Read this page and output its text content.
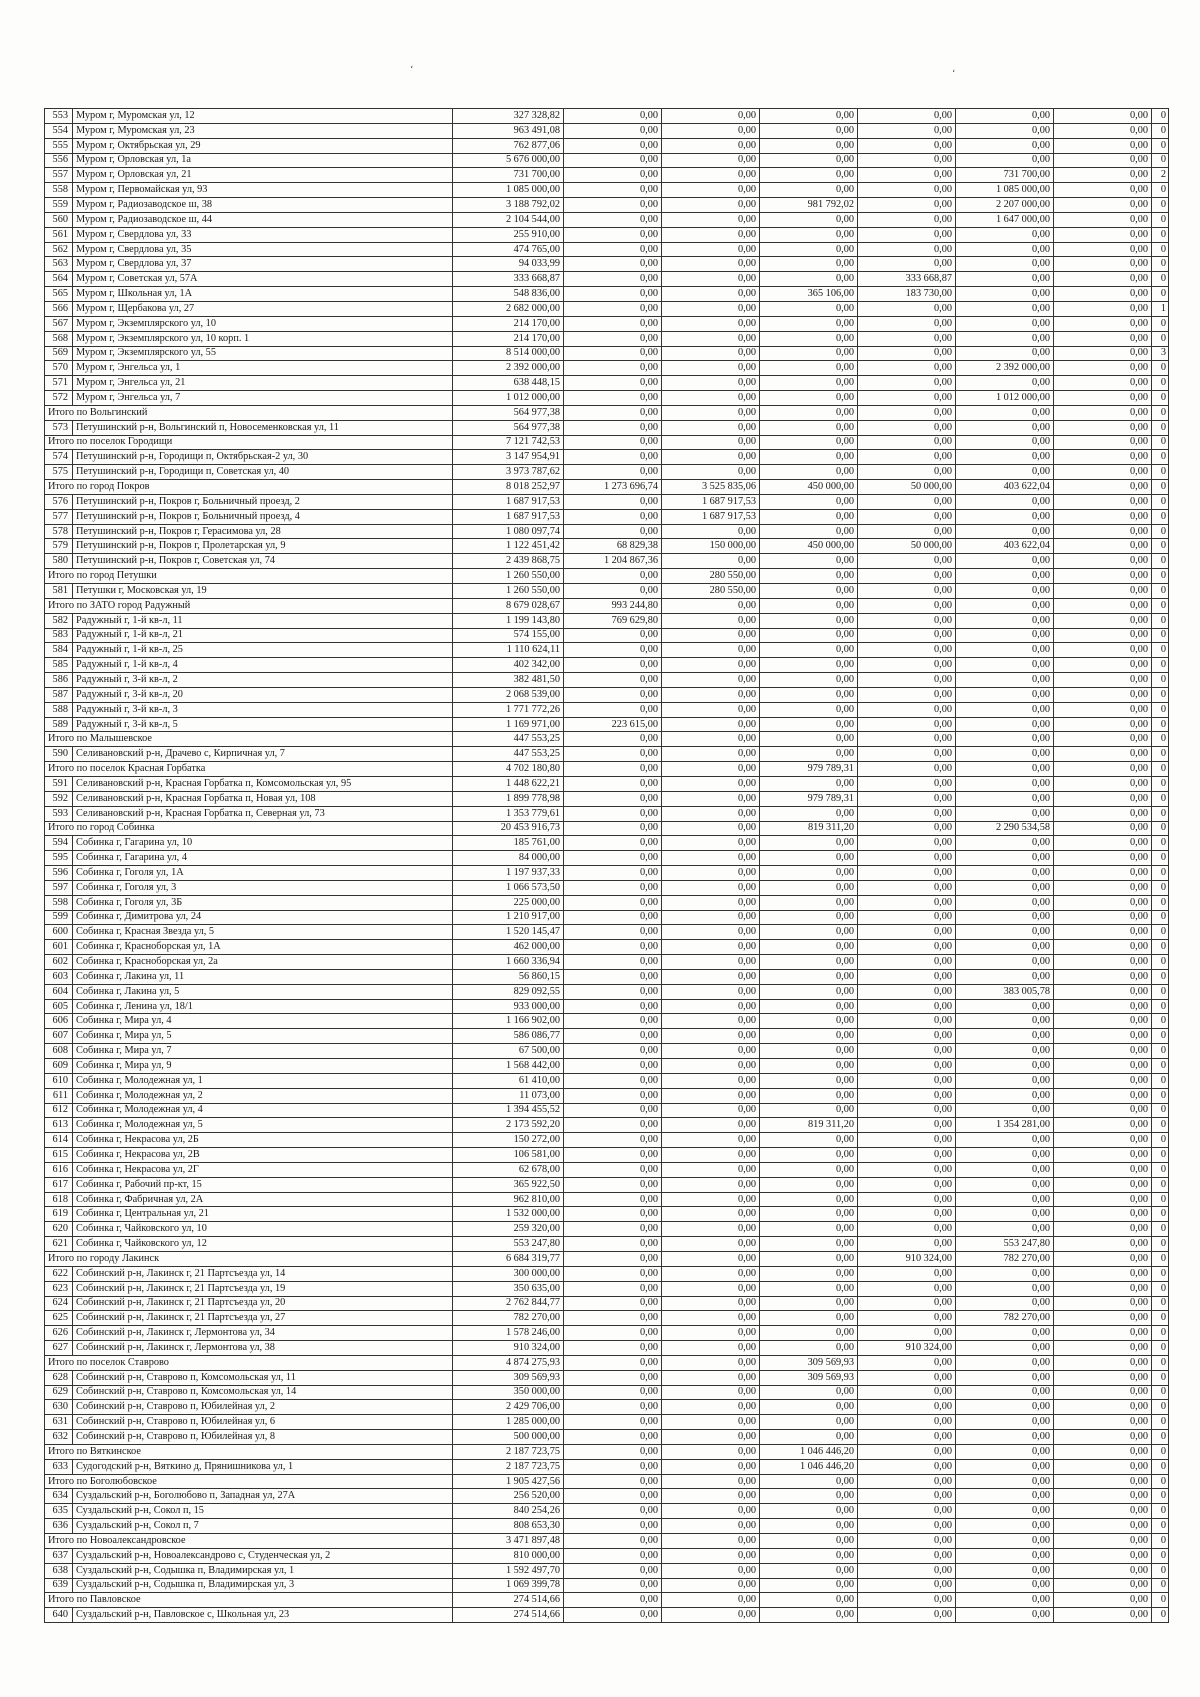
،	،
553	Муром г, Муромская ул, 12	327 328,82	0,00	0,00	0,00	0,00	0,00	0,00	0
554	Муром г, Муромская ул, 23	963 491,08	0,00	0,00	0,00	0,00	0,00	0,00	0
555	Муром г, Октябрьская ул, 29	762 877,06	0,00	0,00	0,00	0,00	0,00	0,00	0
556	Муром г, Орловская ул, 1а	5 676 000,00	0,00	0,00	0,00	0,00	0,00	0,00	0
557	Муром г, Орловская ул, 21	731 700,00	0,00	0,00	0,00	0,00	731 700,00	0,00	2
558	Муром г, Первомайская ул, 93	1 085 000,00	0,00	0,00	0,00	0,00	1 085 000,00	0,00	0
559	Муром г, Радиозаводское ш, 38	3 188 792,02	0,00	0,00	981 792,02	0,00	2 207 000,00	0,00	0
560	Муром г, Радиозаводское ш, 44	2 104 544,00	0,00	0,00	0,00	0,00	1 647 000,00	0,00	0
561	Муром г, Свердлова ул, 33	255 910,00	0,00	0,00	0,00	0,00	0,00	0,00	0
562	Муром г, Свердлова ул, 35	474 765,00	0,00	0,00	0,00	0,00	0,00	0,00	0
563	Муром г, Свердлова ул, 37	94 033,99	0,00	0,00	0,00	0,00	0,00	0,00	0
564	Муром г, Советская ул, 57А	333 668,87	0,00	0,00	0,00	333 668,87	0,00	0,00	0
565	Муром г, Школьная ул, 1А	548 836,00	0,00	0,00	365 106,00	183 730,00	0,00	0,00	0
566	Муром г, Щербакова ул, 27	2 682 000,00	0,00	0,00	0,00	0,00	0,00	0,00	1
567	Муром г, Экземплярского ул, 10	214 170,00	0,00	0,00	0,00	0,00	0,00	0,00	0
568	Муром г, Экземплярского ул, 10 корп. 1	214 170,00	0,00	0,00	0,00	0,00	0,00	0,00	0
569	Муром г, Экземплярского ул, 55	8 514 000,00	0,00	0,00	0,00	0,00	0,00	0,00	3
570	Муром г, Энгельса ул, 1	2 392 000,00	0,00	0,00	0,00	0,00	2 392 000,00	0,00	0
571	Муром г, Энгельса ул, 21	638 448,15	0,00	0,00	0,00	0,00	0,00	0,00	0
572	Муром г, Энгельса ул, 7	1 012 000,00	0,00	0,00	0,00	0,00	1 012 000,00	0,00	0
Итого по Вольгинский		564 977,38	0,00	0,00	0,00	0,00	0,00	0,00	0
573	Петушинский р-н, Вольгинский п, Новосеменковская ул, 11	564 977,38	0,00	0,00	0,00	0,00	0,00	0,00	0
Итого по поселок Городищи		7 121 742,53	0,00	0,00	0,00	0,00	0,00	0,00	0
574	Петушинский р-н, Городищи п, Октябрьская-2 ул, 30	3 147 954,91	0,00	0,00	0,00	0,00	0,00	0,00	0
575	Петушинский р-н, Городищи п, Советская ул, 40	3 973 787,62	0,00	0,00	0,00	0,00	0,00	0,00	0
Итого по город Покров		8 018 252,97	1 273 696,74	3 525 835,06	450 000,00	50 000,00	403 622,04	0,00	0
576	Петушинский р-н, Покров г, Больничный проезд, 2	1 687 917,53	0,00	1 687 917,53	0,00	0,00	0,00	0,00	0
577	Петушинский р-н, Покров г, Больничный проезд, 4	1 687 917,53	0,00	1 687 917,53	0,00	0,00	0,00	0,00	0
578	Петушинский р-н, Покров г, Герасимова ул, 28	1 080 097,74	0,00	0,00	0,00	0,00	0,00	0,00	0
579	Петушинский р-н, Покров г, Пролетарская ул, 9	1 122 451,42	68 829,38	150 000,00	450 000,00	50 000,00	403 622,04	0,00	0
580	Петушинский р-н, Покров г, Советская ул, 74	2 439 868,75	1 204 867,36	0,00	0,00	0,00	0,00	0,00	0
Итого по город Петушки		1 260 550,00	0,00	280 550,00	0,00	0,00	0,00	0,00	0
581	Петушки г, Московская ул, 19	1 260 550,00	0,00	280 550,00	0,00	0,00	0,00	0,00	0
Итого по ЗАТО город Радужный		8 679 028,67	993 244,80	0,00	0,00	0,00	0,00	0,00	0
582	Радужный г, 1-й кв-л, 11	1 199 143,80	769 629,80	0,00	0,00	0,00	0,00	0,00	0
583	Радужный г, 1-й кв-л, 21	574 155,00	0,00	0,00	0,00	0,00	0,00	0,00	0
584	Радужный г, 1-й кв-л, 25	1 110 624,11	0,00	0,00	0,00	0,00	0,00	0,00	0
585	Радужный г, 1-й кв-л, 4	402 342,00	0,00	0,00	0,00	0,00	0,00	0,00	0
586	Радужный г, 3-й кв-л, 2	382 481,50	0,00	0,00	0,00	0,00	0,00	0,00	0
587	Радужный г, 3-й кв-л, 20	2 068 539,00	0,00	0,00	0,00	0,00	0,00	0,00	0
588	Радужный г, 3-й кв-л, 3	1 771 772,26	0,00	0,00	0,00	0,00	0,00	0,00	0
589	Радужный г, 3-й кв-л, 5	1 169 971,00	223 615,00	0,00	0,00	0,00	0,00	0,00	0
Итого по Малышевское		447 553,25	0,00	0,00	0,00	0,00	0,00	0,00	0
590	Селивановский р-н, Драчево с, Кирпичная ул, 7	447 553,25	0,00	0,00	0,00	0,00	0,00	0,00	0
Итого по поселок Красная Горбатка		4 702 180,80	0,00	0,00	979 789,31	0,00	0,00	0,00	0
591	Селивановский р-н, Красная Горбатка п, Комсомольская ул, 95	1 448 622,21	0,00	0,00	0,00	0,00	0,00	0,00	0
592	Селивановский р-н, Красная Горбатка п, Новая ул, 108	1 899 778,98	0,00	0,00	979 789,31	0,00	0,00	0,00	0
593	Селивановский р-н, Красная Горбатка п, Северная ул, 73	1 353 779,61	0,00	0,00	0,00	0,00	0,00	0,00	0
Итого по город Собинка		20 453 916,73	0,00	0,00	819 311,20	0,00	2 290 534,58	0,00	0
594	Собинка г, Гагарина ул, 10	185 761,00	0,00	0,00	0,00	0,00	0,00	0,00	0
595	Собинка г, Гагарина ул, 4	84 000,00	0,00	0,00	0,00	0,00	0,00	0,00	0
596	Собинка г, Гоголя ул, 1А	1 197 937,33	0,00	0,00	0,00	0,00	0,00	0,00	0
597	Собинка г, Гоголя ул, 3	1 066 573,50	0,00	0,00	0,00	0,00	0,00	0,00	0
598	Собинка г, Гоголя ул, 3Б	225 000,00	0,00	0,00	0,00	0,00	0,00	0,00	0
599	Собинка г, Димитрова ул, 24	1 210 917,00	0,00	0,00	0,00	0,00	0,00	0,00	0
600	Собинка г, Красная Звезда ул, 5	1 520 145,47	0,00	0,00	0,00	0,00	0,00	0,00	0
601	Собинка г, Красноборская ул, 1А	462 000,00	0,00	0,00	0,00	0,00	0,00	0,00	0
602	Собинка г, Красноборская ул, 2а	1 660 336,94	0,00	0,00	0,00	0,00	0,00	0,00	0
603	Собинка г, Лакина ул, 11	56 860,15	0,00	0,00	0,00	0,00	0,00	0,00	0
604	Собинка г, Лакина ул, 5	829 092,55	0,00	0,00	0,00	0,00	383 005,78	0,00	0
605	Собинка г, Ленина ул, 18/1	933 000,00	0,00	0,00	0,00	0,00	0,00	0,00	0
606	Собинка г, Мира ул, 4	1 166 902,00	0,00	0,00	0,00	0,00	0,00	0,00	0
607	Собинка г, Мира ул, 5	586 086,77	0,00	0,00	0,00	0,00	0,00	0,00	0
608	Собинка г, Мира ул, 7	67 500,00	0,00	0,00	0,00	0,00	0,00	0,00	0
609	Собинка г, Мира ул, 9	1 568 442,00	0,00	0,00	0,00	0,00	0,00	0,00	0
610	Собинка г, Молодежная ул, 1	61 410,00	0,00	0,00	0,00	0,00	0,00	0,00	0
611	Собинка г, Молодежная ул, 2	11 073,00	0,00	0,00	0,00	0,00	0,00	0,00	0
612	Собинка г, Молодежная ул, 4	1 394 455,52	0,00	0,00	0,00	0,00	0,00	0,00	0
613	Собинка г, Молодежная ул, 5	2 173 592,20	0,00	0,00	819 311,20	0,00	1 354 281,00	0,00	0
614	Собинка г, Некрасова ул, 2Б	150 272,00	0,00	0,00	0,00	0,00	0,00	0,00	0
615	Собинка г, Некрасова ул, 2В	106 581,00	0,00	0,00	0,00	0,00	0,00	0,00	0
616	Собинка г, Некрасова ул, 2Г	62 678,00	0,00	0,00	0,00	0,00	0,00	0,00	0
617	Собинка г, Рабочий пр-кт, 15	365 922,50	0,00	0,00	0,00	0,00	0,00	0,00	0
618	Собинка г, Фабричная ул, 2А	962 810,00	0,00	0,00	0,00	0,00	0,00	0,00	0
619	Собинка г, Центральная ул, 21	1 532 000,00	0,00	0,00	0,00	0,00	0,00	0,00	0
620	Собинка г, Чайковского ул, 10	259 320,00	0,00	0,00	0,00	0,00	0,00	0,00	0
621	Собинка г, Чайковского ул, 12	553 247,80	0,00	0,00	0,00	0,00	553 247,80	0,00	0
Итого по городу Лакинск		6 684 319,77	0,00	0,00	0,00	910 324,00	782 270,00	0,00	0
622	Собинский р-н, Лакинск г, 21 Партсъезда ул, 14	300 000,00	0,00	0,00	0,00	0,00	0,00	0,00	0
623	Собинский р-н, Лакинск г, 21 Партсъезда ул, 19	350 635,00	0,00	0,00	0,00	0,00	0,00	0,00	0
624	Собинский р-н, Лакинск г, 21 Партсъезда ул, 20	2 762 844,77	0,00	0,00	0,00	0,00	0,00	0,00	0
625	Собинский р-н, Лакинск г, 21 Партсъезда ул, 27	782 270,00	0,00	0,00	0,00	0,00	782 270,00	0,00	0
626	Собинский р-н, Лакинск г, Лермонтова ул, 34	1 578 246,00	0,00	0,00	0,00	0,00	0,00	0,00	0
627	Собинский р-н, Лакинск г, Лермонтова ул, 38	910 324,00	0,00	0,00	0,00	910 324,00	0,00	0,00	0
Итого по поселок Ставрово		4 874 275,93	0,00	0,00	309 569,93	0,00	0,00	0,00	0
628	Собинский р-н, Ставрово п, Комсомольская ул, 11	309 569,93	0,00	0,00	309 569,93	0,00	0,00	0,00	0
629	Собинский р-н, Ставрово п, Комсомольская ул, 14	350 000,00	0,00	0,00	0,00	0,00	0,00	0,00	0
630	Собинский р-н, Ставрово п, Юбилейная ул, 2	2 429 706,00	0,00	0,00	0,00	0,00	0,00	0,00	0
631	Собинский р-н, Ставрово п, Юбилейная ул, 6	1 285 000,00	0,00	0,00	0,00	0,00	0,00	0,00	0
632	Собинский р-н, Ставрово п, Юбилейная ул, 8	500 000,00	0,00	0,00	0,00	0,00	0,00	0,00	0
Итого по Вяткинское		2 187 723,75	0,00	0,00	1 046 446,20	0,00	0,00	0,00	0
633	Судогодский р-н, Вяткино д, Прянишникова ул, 1	2 187 723,75	0,00	0,00	1 046 446,20	0,00	0,00	0,00	0
Итого по Боголюбовское		1 905 427,56	0,00	0,00	0,00	0,00	0,00	0,00	0
634	Суздальский р-н, Боголюбово п, Западная ул, 27А	256 520,00	0,00	0,00	0,00	0,00	0,00	0,00	0
635	Суздальский р-н, Сокол п, 15	840 254,26	0,00	0,00	0,00	0,00	0,00	0,00	0
636	Суздальский р-н, Сокол п, 7	808 653,30	0,00	0,00	0,00	0,00	0,00	0,00	0
Итого по Новоалександровское		3 471 897,48	0,00	0,00	0,00	0,00	0,00	0,00	0
637	Суздальский р-н, Новоалександрово с, Студенческая ул, 2	810 000,00	0,00	0,00	0,00	0,00	0,00	0,00	0
638	Суздальский р-н, Содышка п, Владимирская ул, 1	1 592 497,70	0,00	0,00	0,00	0,00	0,00	0,00	0
639	Суздальский р-н, Содышка п, Владимирская ул, 3	1 069 399,78	0,00	0,00	0,00	0,00	0,00	0,00	0
Итого по Павловское		274 514,66	0,00	0,00	0,00	0,00	0,00	0,00	0
640	Суздальский р-н, Павловское с, Школьная ул, 23	274 514,66	0,00	0,00	0,00	0,00	0,00	0,00	0
